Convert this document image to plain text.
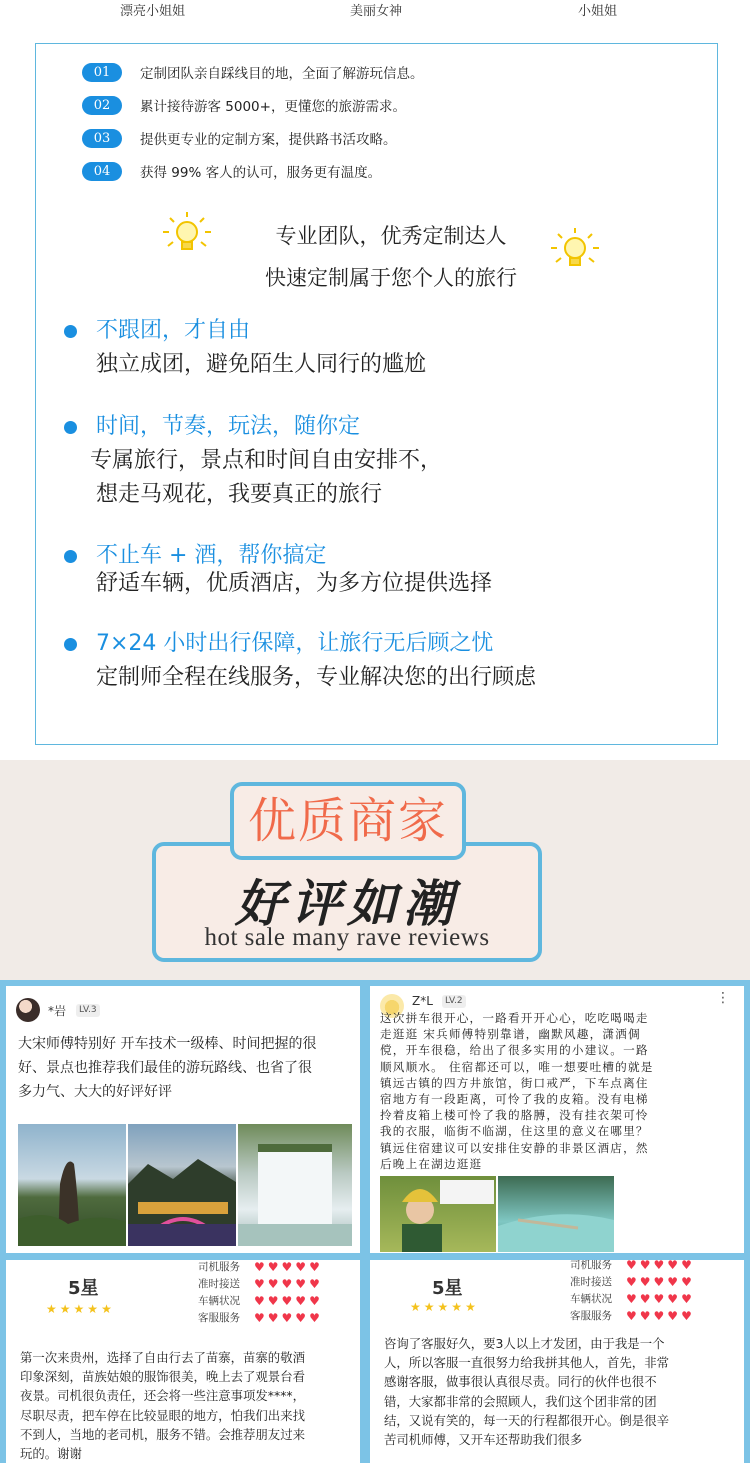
漂亮小姐姐	美丽女神	小姐姐
01	定制团队亲自踩线目的地，全面了解游玩信息。
02	累计接待游客 5000+，更懂您的旅游需求。
03	提供更专业的定制方案，提供路书活攻略。
04	获得 99% 客人的认可，服务更有温度。
专业团队，优秀定制达人
快速定制属于您个人的旅行
不跟团，才自由
独立成团，避免陌生人同行的尴尬
时间，节奏，玩法，随你定
专属旅行，景点和时间自由安排不，
想走马观花，我要真正的旅行
不止车 + 酒，帮你搞定
舒适车辆，优质酒店，为多方位提供选择
7×24 小时出行保障，让旅行无后顾之忧
定制师全程在线服务，专业解决您的出行顾虑
好评如潮
hot sale many rave reviews
优质商家
*岩	LV.3
大宋师傅特别好 开车技术一级棒、时间把握的很
好、景点也推荐我们最佳的游玩路线、也省了很
多力气、大大的好评好评
Z*L	LV.2	⋮
这次拼车很开心，一路看开开心心，吃吃喝喝走
走逛逛 宋兵师傅特别靠谱，幽默风趣，潇洒倜
傥，开车很稳，给出了很多实用的小建议。一路
顺风顺水。 住宿都还可以，唯一想要吐槽的就是
镇远古镇的四方井旅馆，街口戒严，下车点离住
宿地方有一段距离，可怜了我的皮箱。没有电梯
拎着皮箱上楼可怜了我的胳膊，没有挂衣架可怜
我的衣服，临街不临湖，住这里的意义在哪里？
镇远住宿建议可以安排住安静的非景区酒店，然
后晚上在湖边逛逛
5星
★ ★ ★ ★ ★
司机服务	♥ ♥ ♥ ♥ ♥
准时接送	♥ ♥ ♥ ♥ ♥
车辆状况	♥ ♥ ♥ ♥ ♥
客服服务	♥ ♥ ♥ ♥ ♥
第一次来贵州，选择了自由行去了苗寨，苗寨的敬酒
印象深刻，苗族姑娘的服饰很美，晚上去了观景台看
夜景。司机很负责任，还会将一些注意事项发****，
尽职尽责，把车停在比较显眼的地方，怕我们出来找
不到人，当地的老司机，服务不错。会推荐朋友过来
玩的。谢谢
5星
★ ★ ★ ★ ★
司机服务	♥ ♥ ♥ ♥ ♥
准时接送	♥ ♥ ♥ ♥ ♥
车辆状况	♥ ♥ ♥ ♥ ♥
客服服务	♥ ♥ ♥ ♥ ♥
咨询了客服好久，要3人以上才发团，由于我是一个
人，所以客服一直很努力给我拼其他人，首先，非常
感谢客服，做事很认真很尽责。同行的伙伴也很不
错，大家都非常的会照顾人，我们这个团非常的团
结，又说有笑的，每一天的行程都很开心。倒是很辛
苦司机师傅，又开车还帮助我们很多
